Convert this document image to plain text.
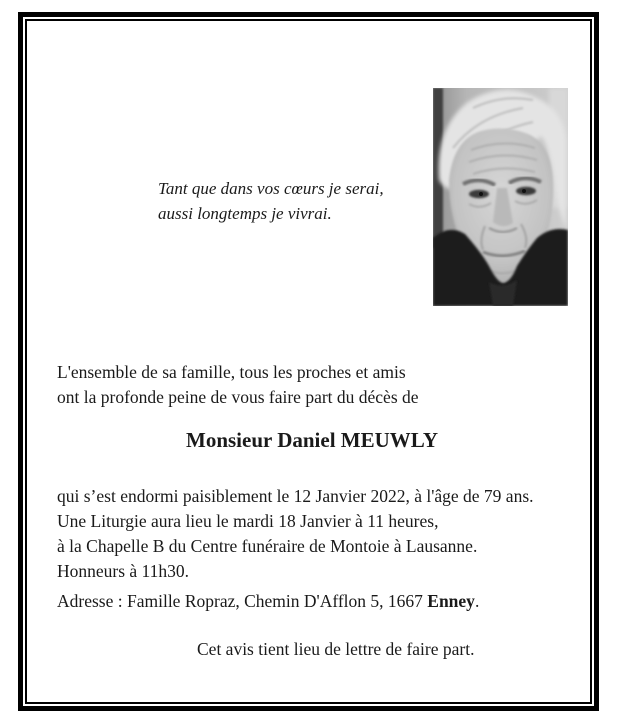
Tant que dans vos cœurs je serai,
aussi longtemps je vivrai.
L'ensemble de sa famille, tous les proches et amis
ont la profonde peine de vous faire part du décès de
Monsieur Daniel MEUWLY
qui s’est endormi paisiblement le 12 Janvier 2022, à l'âge de 79 ans.
Une Liturgie aura lieu le mardi 18 Janvier à 11 heures,
à la Chapelle B du Centre funéraire de Montoie à Lausanne.
Honneurs à 11h30.
Adresse : Famille Ropraz, Chemin D'Afflon 5, 1667 Enney.
Cet avis tient lieu de lettre de faire part.
